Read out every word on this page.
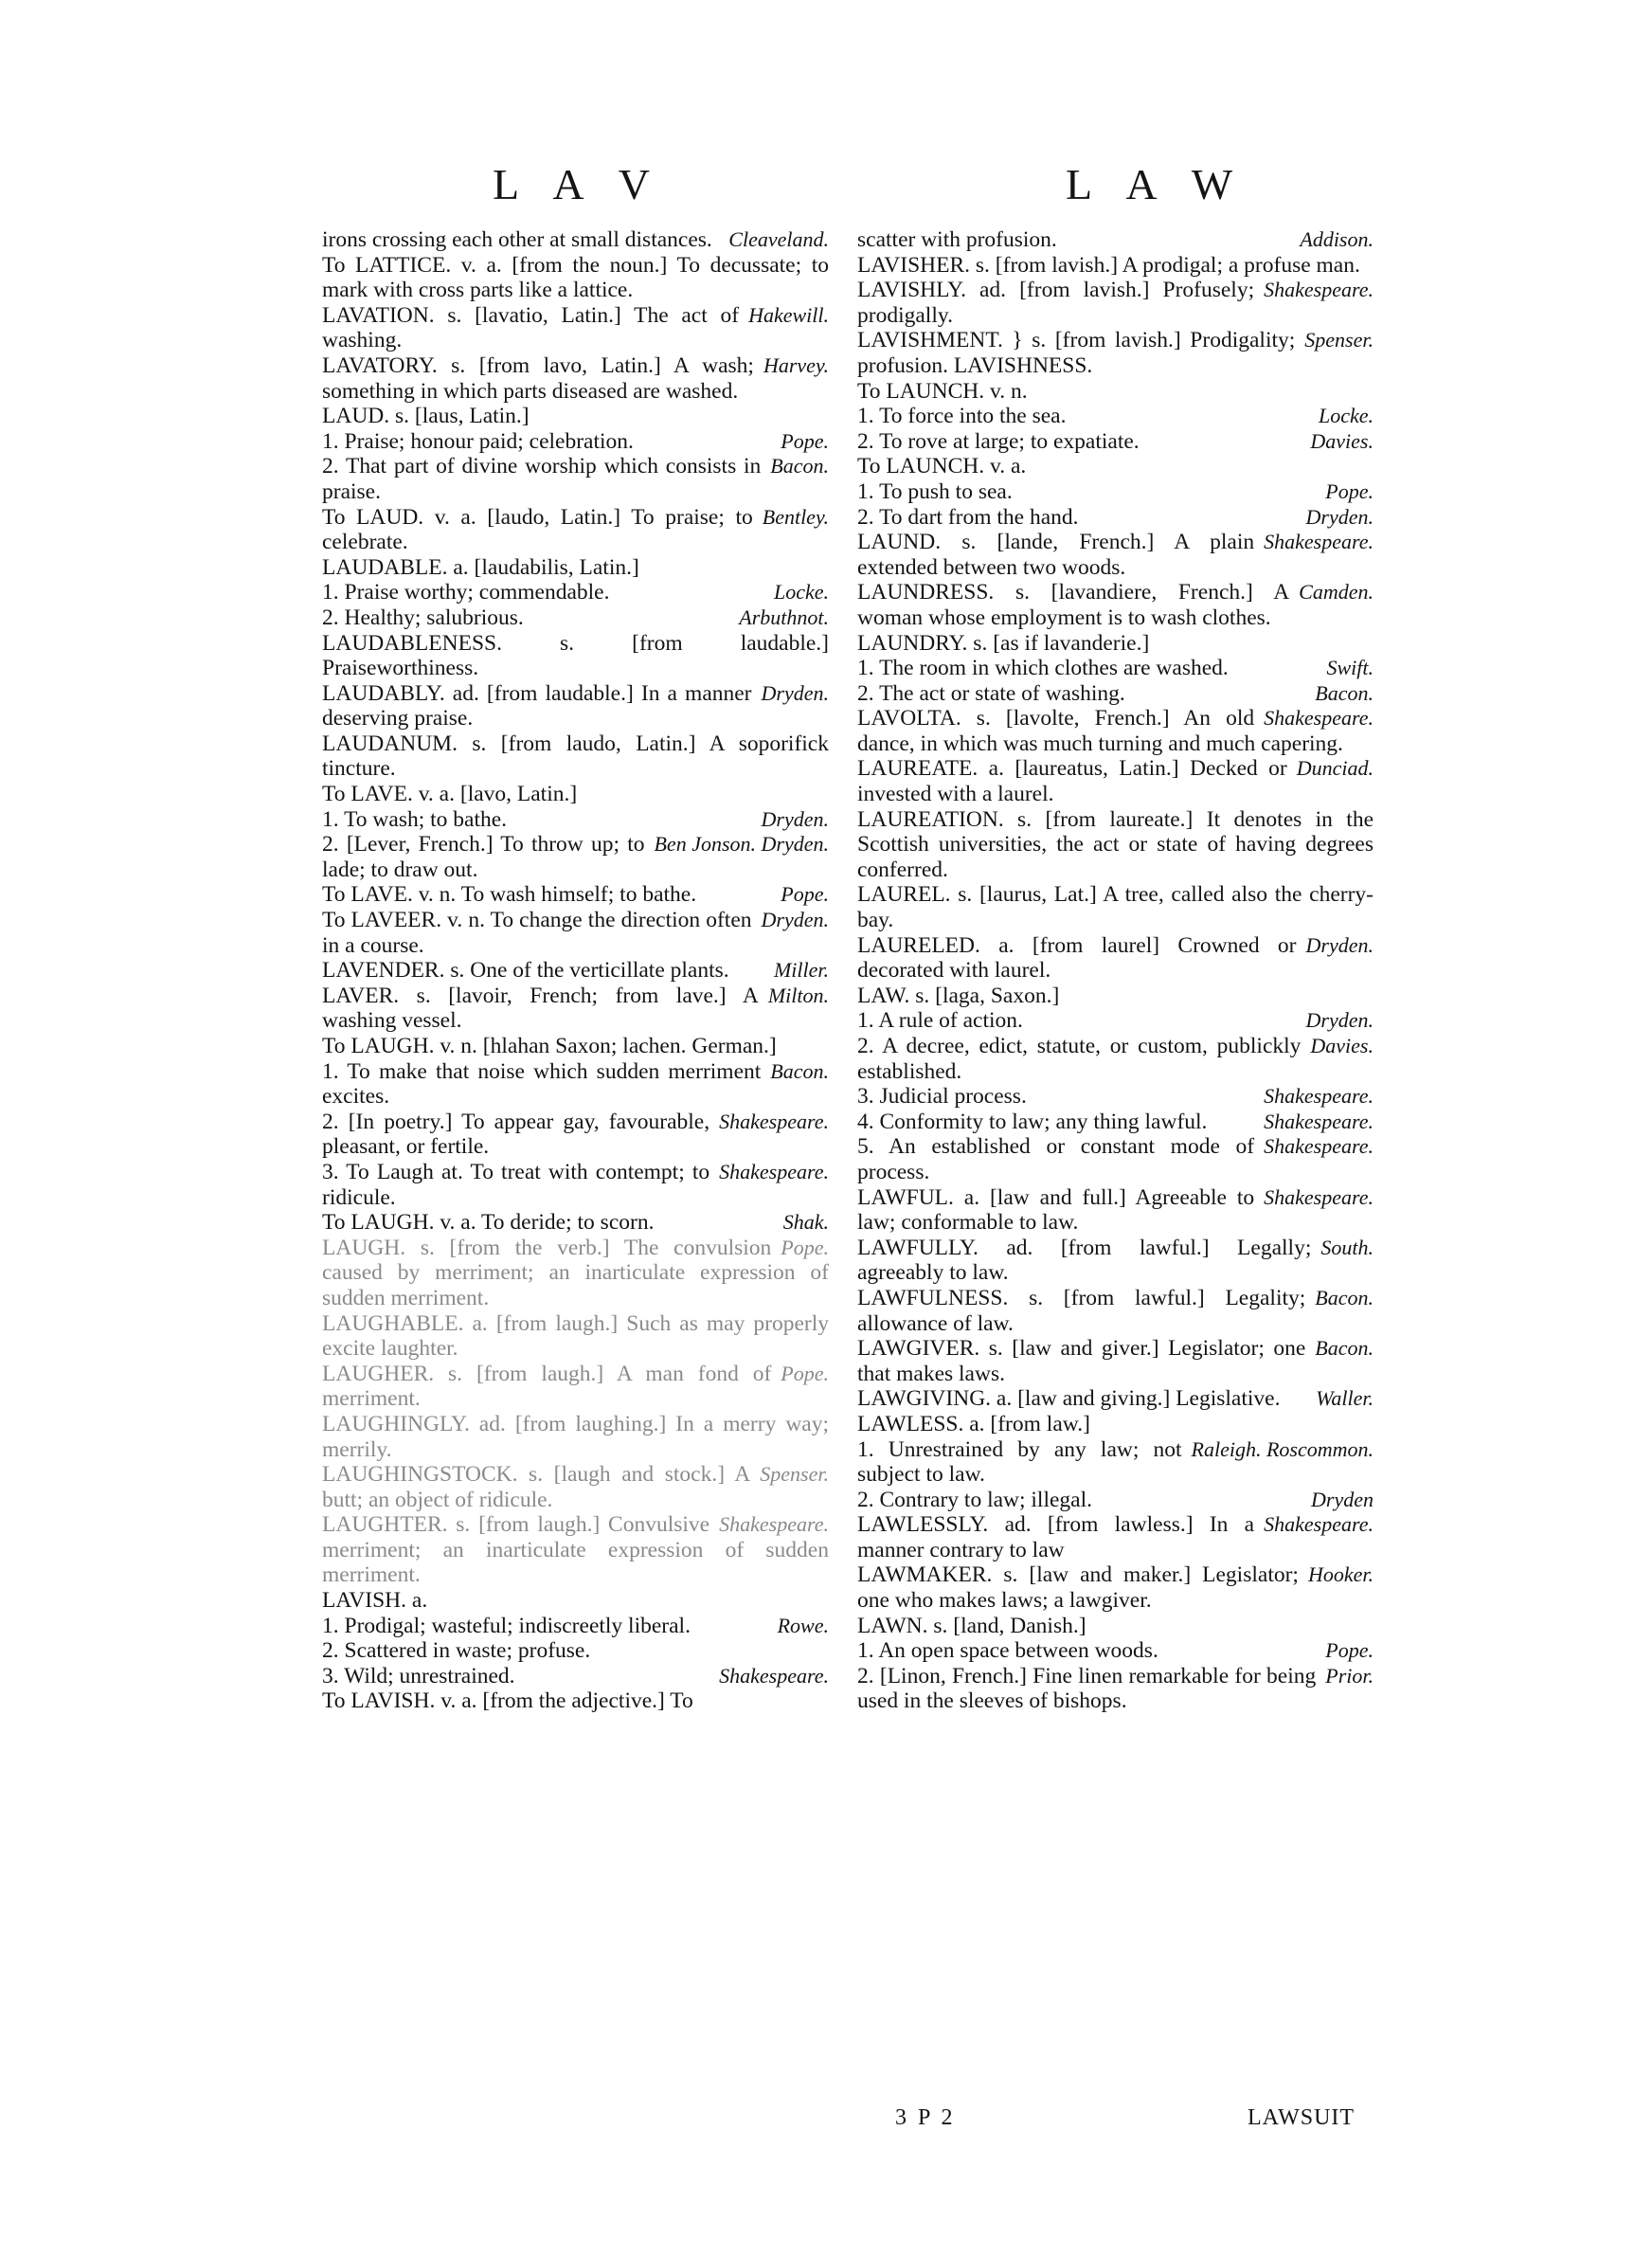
L A V	L A W
Cleaveland.
irons crossing each other at small distances.
To LATTICE. v. a. [from the noun.] To decussate; to mark with cross parts like a lattice.
Hakewill.
LAVATION. s. [lavatio, Latin.] The act of washing.
Harvey.
LAVATORY. s. [from lavo, Latin.] A wash; something in which parts diseased are washed.
LAUD. s. [laus, Latin.]
Pope.
1. Praise; honour paid; celebration.
Bacon.
2. That part of divine worship which consists in praise.
Bentley.
To LAUD. v. a. [laudo, Latin.] To praise; to celebrate.
LAUDABLE. a. [laudabilis, Latin.]
Locke.
1. Praise worthy; commendable.
Arbuthnot.
2. Healthy; salubrious.
LAUDABLENESS. s. [from laudable.] Praiseworthiness.
Dryden.
LAUDABLY. ad. [from laudable.] In a manner deserving praise.
LAUDANUM. s. [from laudo, Latin.] A soporifick tincture.
To LAVE. v. a. [lavo, Latin.]
Dryden.
1. To wash; to bathe.
Ben Jonson. Dryden.
2. [Lever, French.] To throw up; to lade; to draw out.
Pope.
To LAVE. v. n. To wash himself; to bathe.
Dryden.
To LAVEER. v. n. To change the direction often in a course.
Miller.
LAVENDER. s. One of the verticillate plants.
Milton.
LAVER. s. [lavoir, French; from lave.] A washing vessel.
To LAUGH. v. n. [hlahan Saxon; lachen. German.]
Bacon.
1. To make that noise which sudden merriment excites.
Shakespeare.
2. [In poetry.] To appear gay, favourable, pleasant, or fertile.
Shakespeare.
3. To Laugh at. To treat with contempt; to ridicule.
Shak.
To LAUGH. v. a. To deride; to scorn.
Pope.
LAUGH. s. [from the verb.] The convulsion caused by merriment; an inarticulate expression of sudden merriment.
LAUGHABLE. a. [from laugh.] Such as may properly excite laughter.
Pope.
LAUGHER. s. [from laugh.] A man fond of merriment.
LAUGHINGLY. ad. [from laughing.] In a merry way; merrily.
Spenser.
LAUGHINGSTOCK. s. [laugh and stock.] A butt; an object of ridicule.
Shakespeare.
LAUGHTER. s. [from laugh.] Convulsive merriment; an inarticulate expression of sudden merriment.
LAVISH. a.
Rowe.
1. Prodigal; wasteful; indiscreetly liberal.
2. Scattered in waste; profuse.
Shakespeare.
3. Wild; unrestrained.
To LAVISH. v. a. [from the adjective.] To
Addison.
scatter with profusion.
LAVISHER. s. [from lavish.] A prodigal; a profuse man.
Shakespeare.
LAVISHLY. ad. [from lavish.] Profusely; prodigally.
Spenser.
LAVISHMENT. } s. [from lavish.] Prodigality; profusion. LAVISHNESS.
To LAUNCH. v. n.
Locke.
1. To force into the sea.
Davies.
2. To rove at large; to expatiate.
To LAUNCH. v. a.
Pope.
1. To push to sea.
Dryden.
2. To dart from the hand.
Shakespeare.
LAUND. s. [lande, French.] A plain extended between two woods.
Camden.
LAUNDRESS. s. [lavandiere, French.] A woman whose employment is to wash clothes.
LAUNDRY. s. [as if lavanderie.]
Swift.
1. The room in which clothes are washed.
Bacon.
2. The act or state of washing.
Shakespeare.
LAVOLTA. s. [lavolte, French.] An old dance, in which was much turning and much capering.
Dunciad.
LAUREATE. a. [laureatus, Latin.] Decked or invested with a laurel.
LAUREATION. s. [from laureate.] It denotes in the Scottish universities, the act or state of having degrees conferred.
LAUREL. s. [laurus, Lat.] A tree, called also the cherry-bay.
Dryden.
LAURELED. a. [from laurel] Crowned or decorated with laurel.
LAW. s. [laga, Saxon.]
Dryden.
1. A rule of action.
Davies.
2. A decree, edict, statute, or custom, publickly established.
Shakespeare.
3. Judicial process.
Shakespeare.
4. Conformity to law; any thing lawful.
Shakespeare.
5. An established or constant mode of process.
Shakespeare.
LAWFUL. a. [law and full.] Agreeable to law; conformable to law.
South.
LAWFULLY. ad. [from lawful.] Legally; agreeably to law.
Bacon.
LAWFULNESS. s. [from lawful.] Legality; allowance of law.
Bacon.
LAWGIVER. s. [law and giver.] Legislator; one that makes laws.
Waller.
LAWGIVING. a. [law and giving.] Legislative.
LAWLESS. a. [from law.]
Raleigh. Roscommon.
1. Unrestrained by any law; not subject to law.
Dryden
2. Contrary to law; illegal.
Shakespeare.
LAWLESSLY. ad. [from lawless.] In a manner contrary to law
Hooker.
LAWMAKER. s. [law and maker.] Legislator; one who makes laws; a lawgiver.
LAWN. s. [land, Danish.]
Pope.
1. An open space between woods.
Prior.
2. [Linon, French.] Fine linen remarkable for being used in the sleeves of bishops.
3 P 2	LAWSUIT
